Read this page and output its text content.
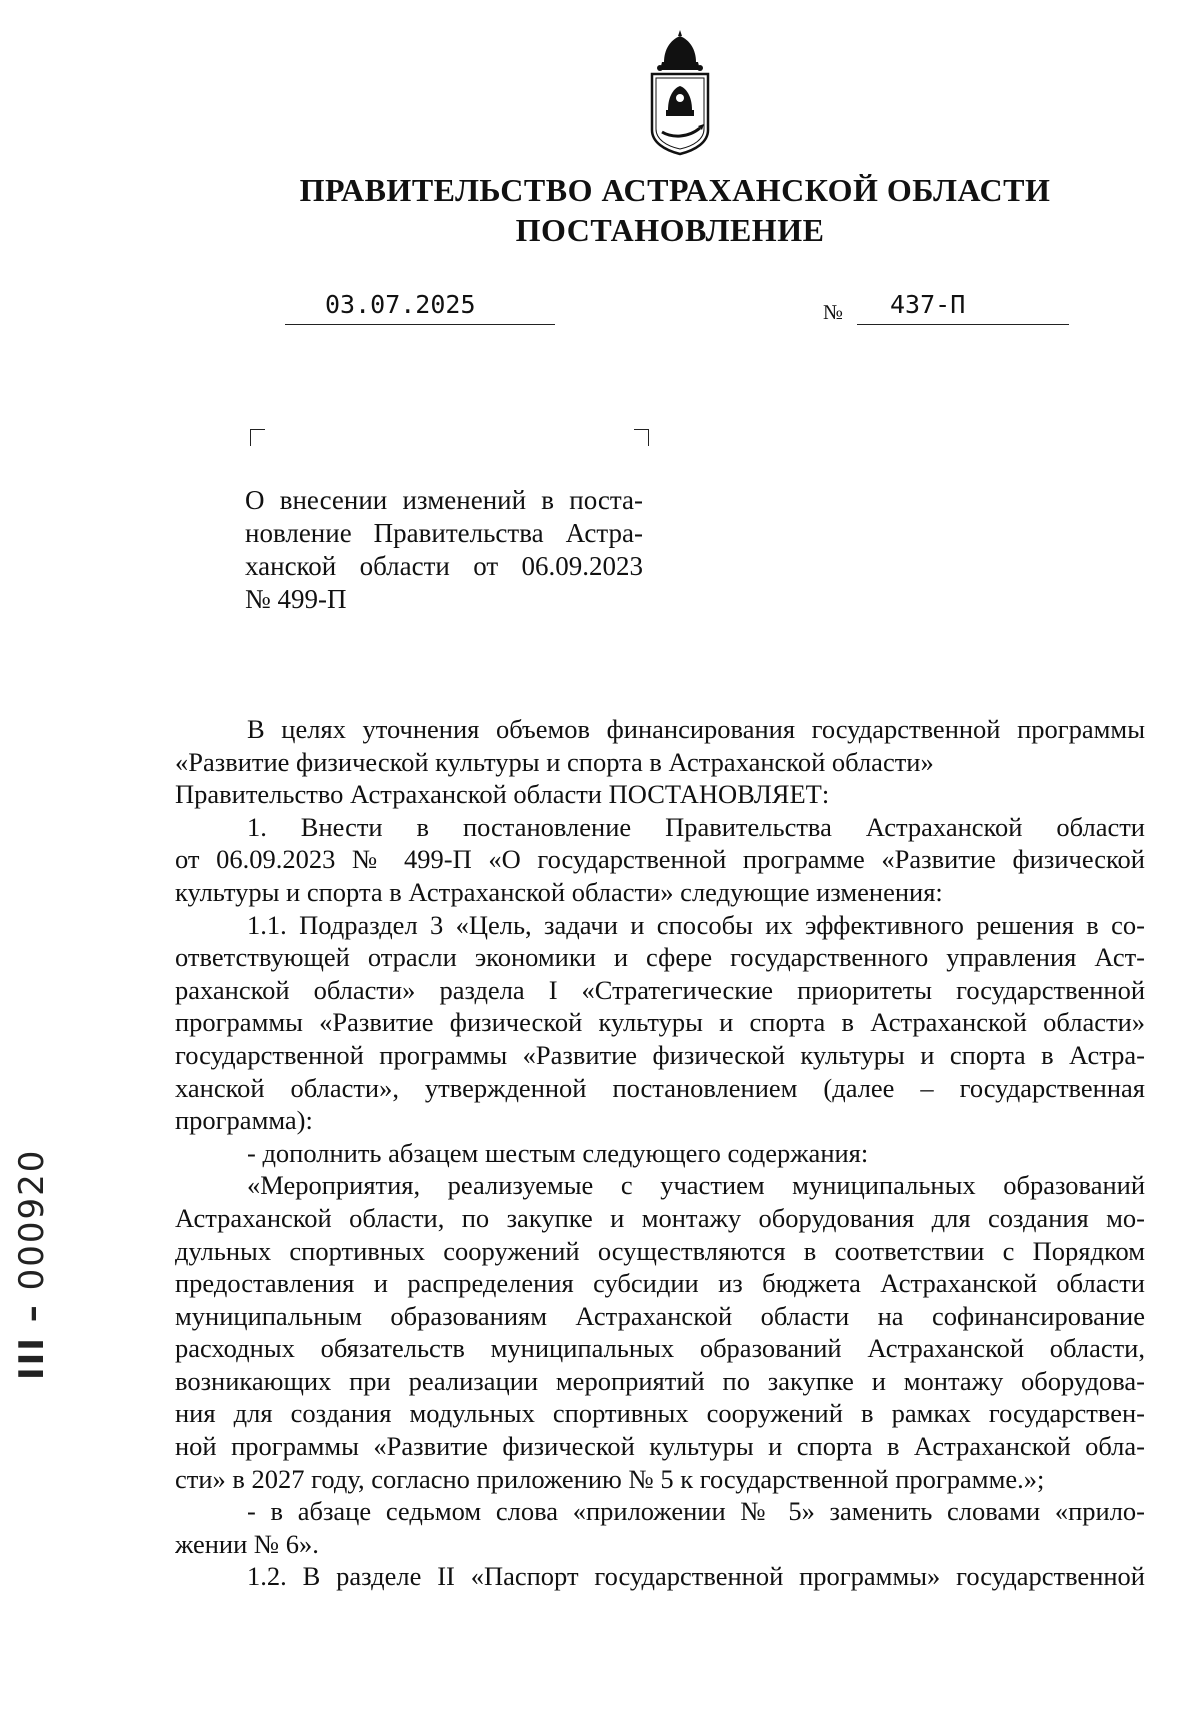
ПРАВИТЕЛЬСТВО АСТРАХАНСКОЙ ОБЛАСТИ
ПОСТАНОВЛЕНИЕ
03.07.2025	№ 437-П
О внесении изменений в поста-
новление Правительства Астра-
ханской области от 06.09.2023
№ 499-П
В целях уточнения объемов финансирования государственной программы
«Развитие физической культуры и спорта в Астраханской области»
Правительство Астраханской области ПОСТАНОВЛЯЕТ:
1. Внести в постановление Правительства Астраханской области
от 06.09.2023 № 499-П «О государственной программе «Развитие физической
культуры и спорта в Астраханской области» следующие изменения:
1.1. Подраздел 3 «Цель, задачи и способы их эффективного решения в со-
ответствующей отрасли экономики и сфере государственного управления Аст-
раханской области» раздела I «Стратегические приоритеты государственной
программы «Развитие физической культуры и спорта в Астраханской области»
государственной программы «Развитие физической культуры и спорта в Астра-
ханской области», утвержденной постановлением (далее – государственная
программа):
- дополнить абзацем шестым следующего содержания:
«Мероприятия, реализуемые с участием муниципальных образований
Астраханской области, по закупке и монтажу оборудования для создания мо-
дульных спортивных сооружений осуществляются в соответствии с Порядком
предоставления и распределения субсидии из бюджета Астраханской области
муниципальным образованиям Астраханской области на софинансирование
расходных обязательств муниципальных образований Астраханской области,
возникающих при реализации мероприятий по закупке и монтажу оборудова-
ния для создания модульных спортивных сооружений в рамках государствен-
ной программы «Развитие физической культуры и спорта в Астраханской обла-
сти» в 2027 году, согласно приложению № 5 к государственной программе.»;
- в абзаце седьмом слова «приложении № 5» заменить словами «прило-
жении № 6».
1.2. В разделе II «Паспорт государственной программы» государственной
ІІІ – 000920
